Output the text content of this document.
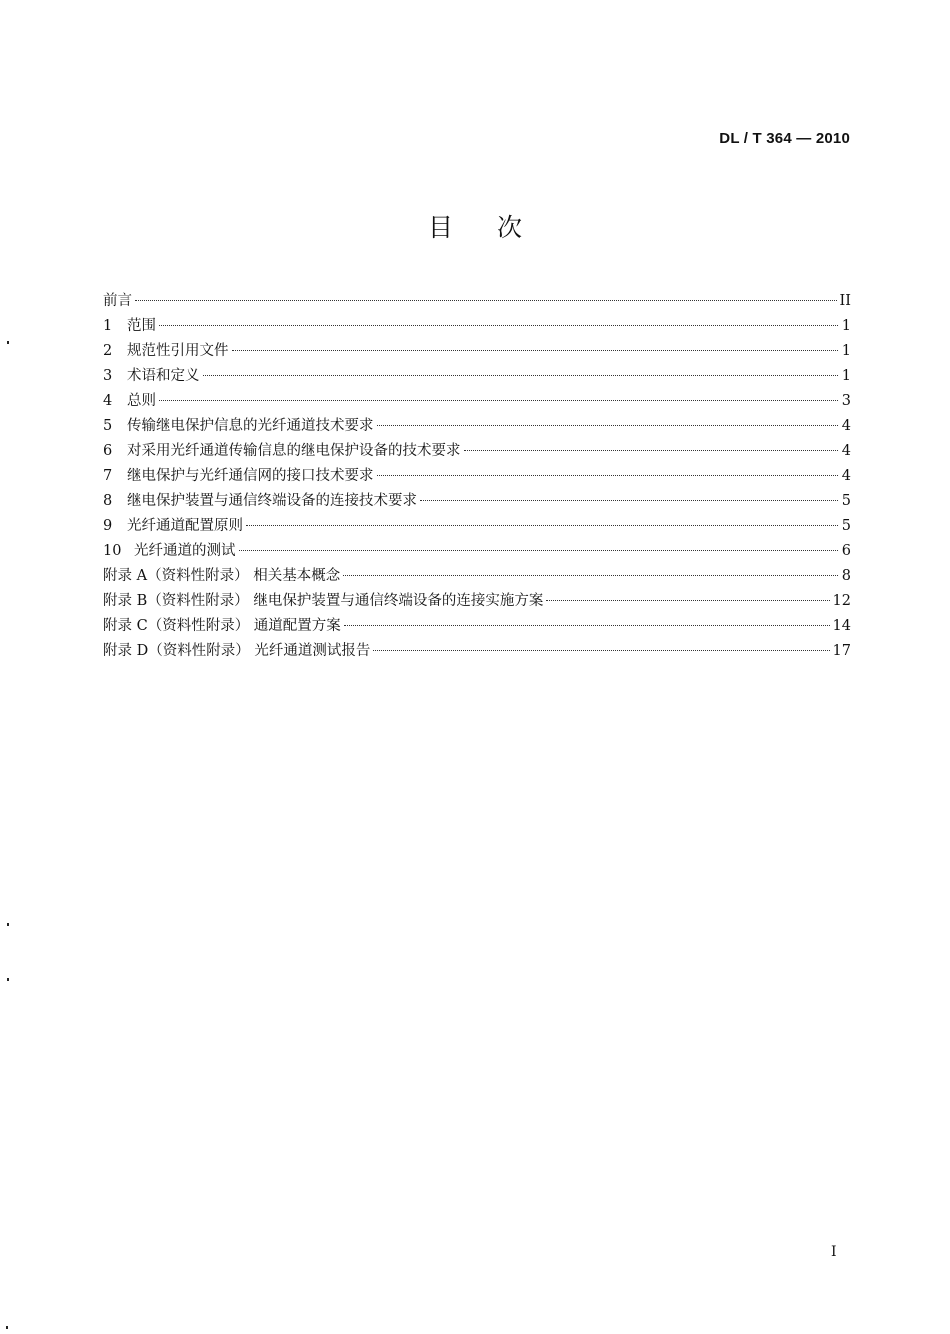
DL / T 364 — 2010
目次
前言	II
1	范围	1
2	规范性引用文件	1
3	术语和定义	1
4	总则	3
5	传输继电保护信息的光纤通道技术要求	4
6	对采用光纤通道传输信息的继电保护设备的技术要求	4
7	继电保护与光纤通信网的接口技术要求	4
8	继电保护装置与通信终端设备的连接技术要求	5
9	光纤通道配置原则	5
10 光纤通道的测试	6
附录 A（资料性附录） 相关基本概念	8
附录 B（资料性附录） 继电保护装置与通信终端设备的连接实施方案	12
附录 C（资料性附录） 通道配置方案	14
附录 D（资料性附录） 光纤通道测试报告	17
I
